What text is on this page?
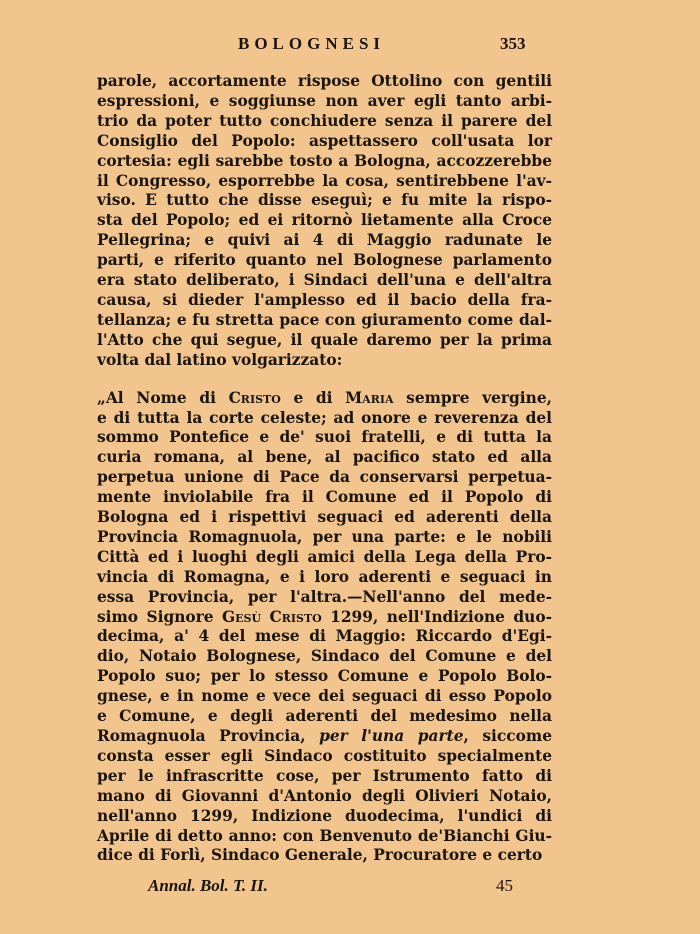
BOLOGNESI	353
parole, accortamente rispose Ottolino con gentili
espressioni, e soggiunse non aver egli tanto arbi-
trio da poter tutto conchiudere senza il parere del
Consiglio del Popolo: aspettassero coll'usata lor
cortesia: egli sarebbe tosto a Bologna, accozzerebbe
il Congresso, esporrebbe la cosa, sentirebbene l'av-
viso. E tutto che disse eseguì; e fu mite la rispo-
sta del Popolo; ed ei ritornò lietamente alla Croce
Pellegrina; e quivi ai 4 di Maggio radunate le
parti, e riferito quanto nel Bolognese parlamento
era stato deliberato, i Sindaci dell'una e dell'altra
causa, si dieder l'amplesso ed il bacio della fra-
tellanza; e fu stretta pace con giuramento come dal-
l'Atto che qui segue, il quale daremo per la prima
volta dal latino volgarizzato:
„Al Nome di Cristo e di Maria sempre vergine,
e di tutta la corte celeste; ad onore e reverenza del
sommo Pontefice e de' suoi fratelli, e di tutta la
curia romana, al bene, al pacifico stato ed alla
perpetua unione di Pace da conservarsi perpetua-
mente inviolabile fra il Comune ed il Popolo di
Bologna ed i rispettivi seguaci ed aderenti della
Provincia Romagnuola, per una parte: e le nobili
Città ed i luoghi degli amici della Lega della Pro-
vincia di Romagna, e i loro aderenti e seguaci in
essa Provincia, per l'altra.—Nell'anno del mede-
simo Signore Gesù Cristo 1299, nell'Indizione duo-
decima, a' 4 del mese di Maggio: Riccardo d'Egi-
dio, Notaio Bolognese, Sindaco del Comune e del
Popolo suo; per lo stesso Comune e Popolo Bolo-
gnese, e in nome e vece dei seguaci di esso Popolo
e Comune, e degli aderenti del medesimo nella
Romagnuola Provincia, per l'una parte, siccome
consta esser egli Sindaco costituito specialmente
per le infrascritte cose, per Istrumento fatto di
mano di Giovanni d'Antonio degli Olivieri Notaio,
nell'anno 1299, Indizione duodecima, l'undici di
Aprile di detto anno: con Benvenuto de'Bianchi Giu-
dice di Forlì, Sindaco Generale, Procuratore e certo
Annal. Bol. T. II.	45
